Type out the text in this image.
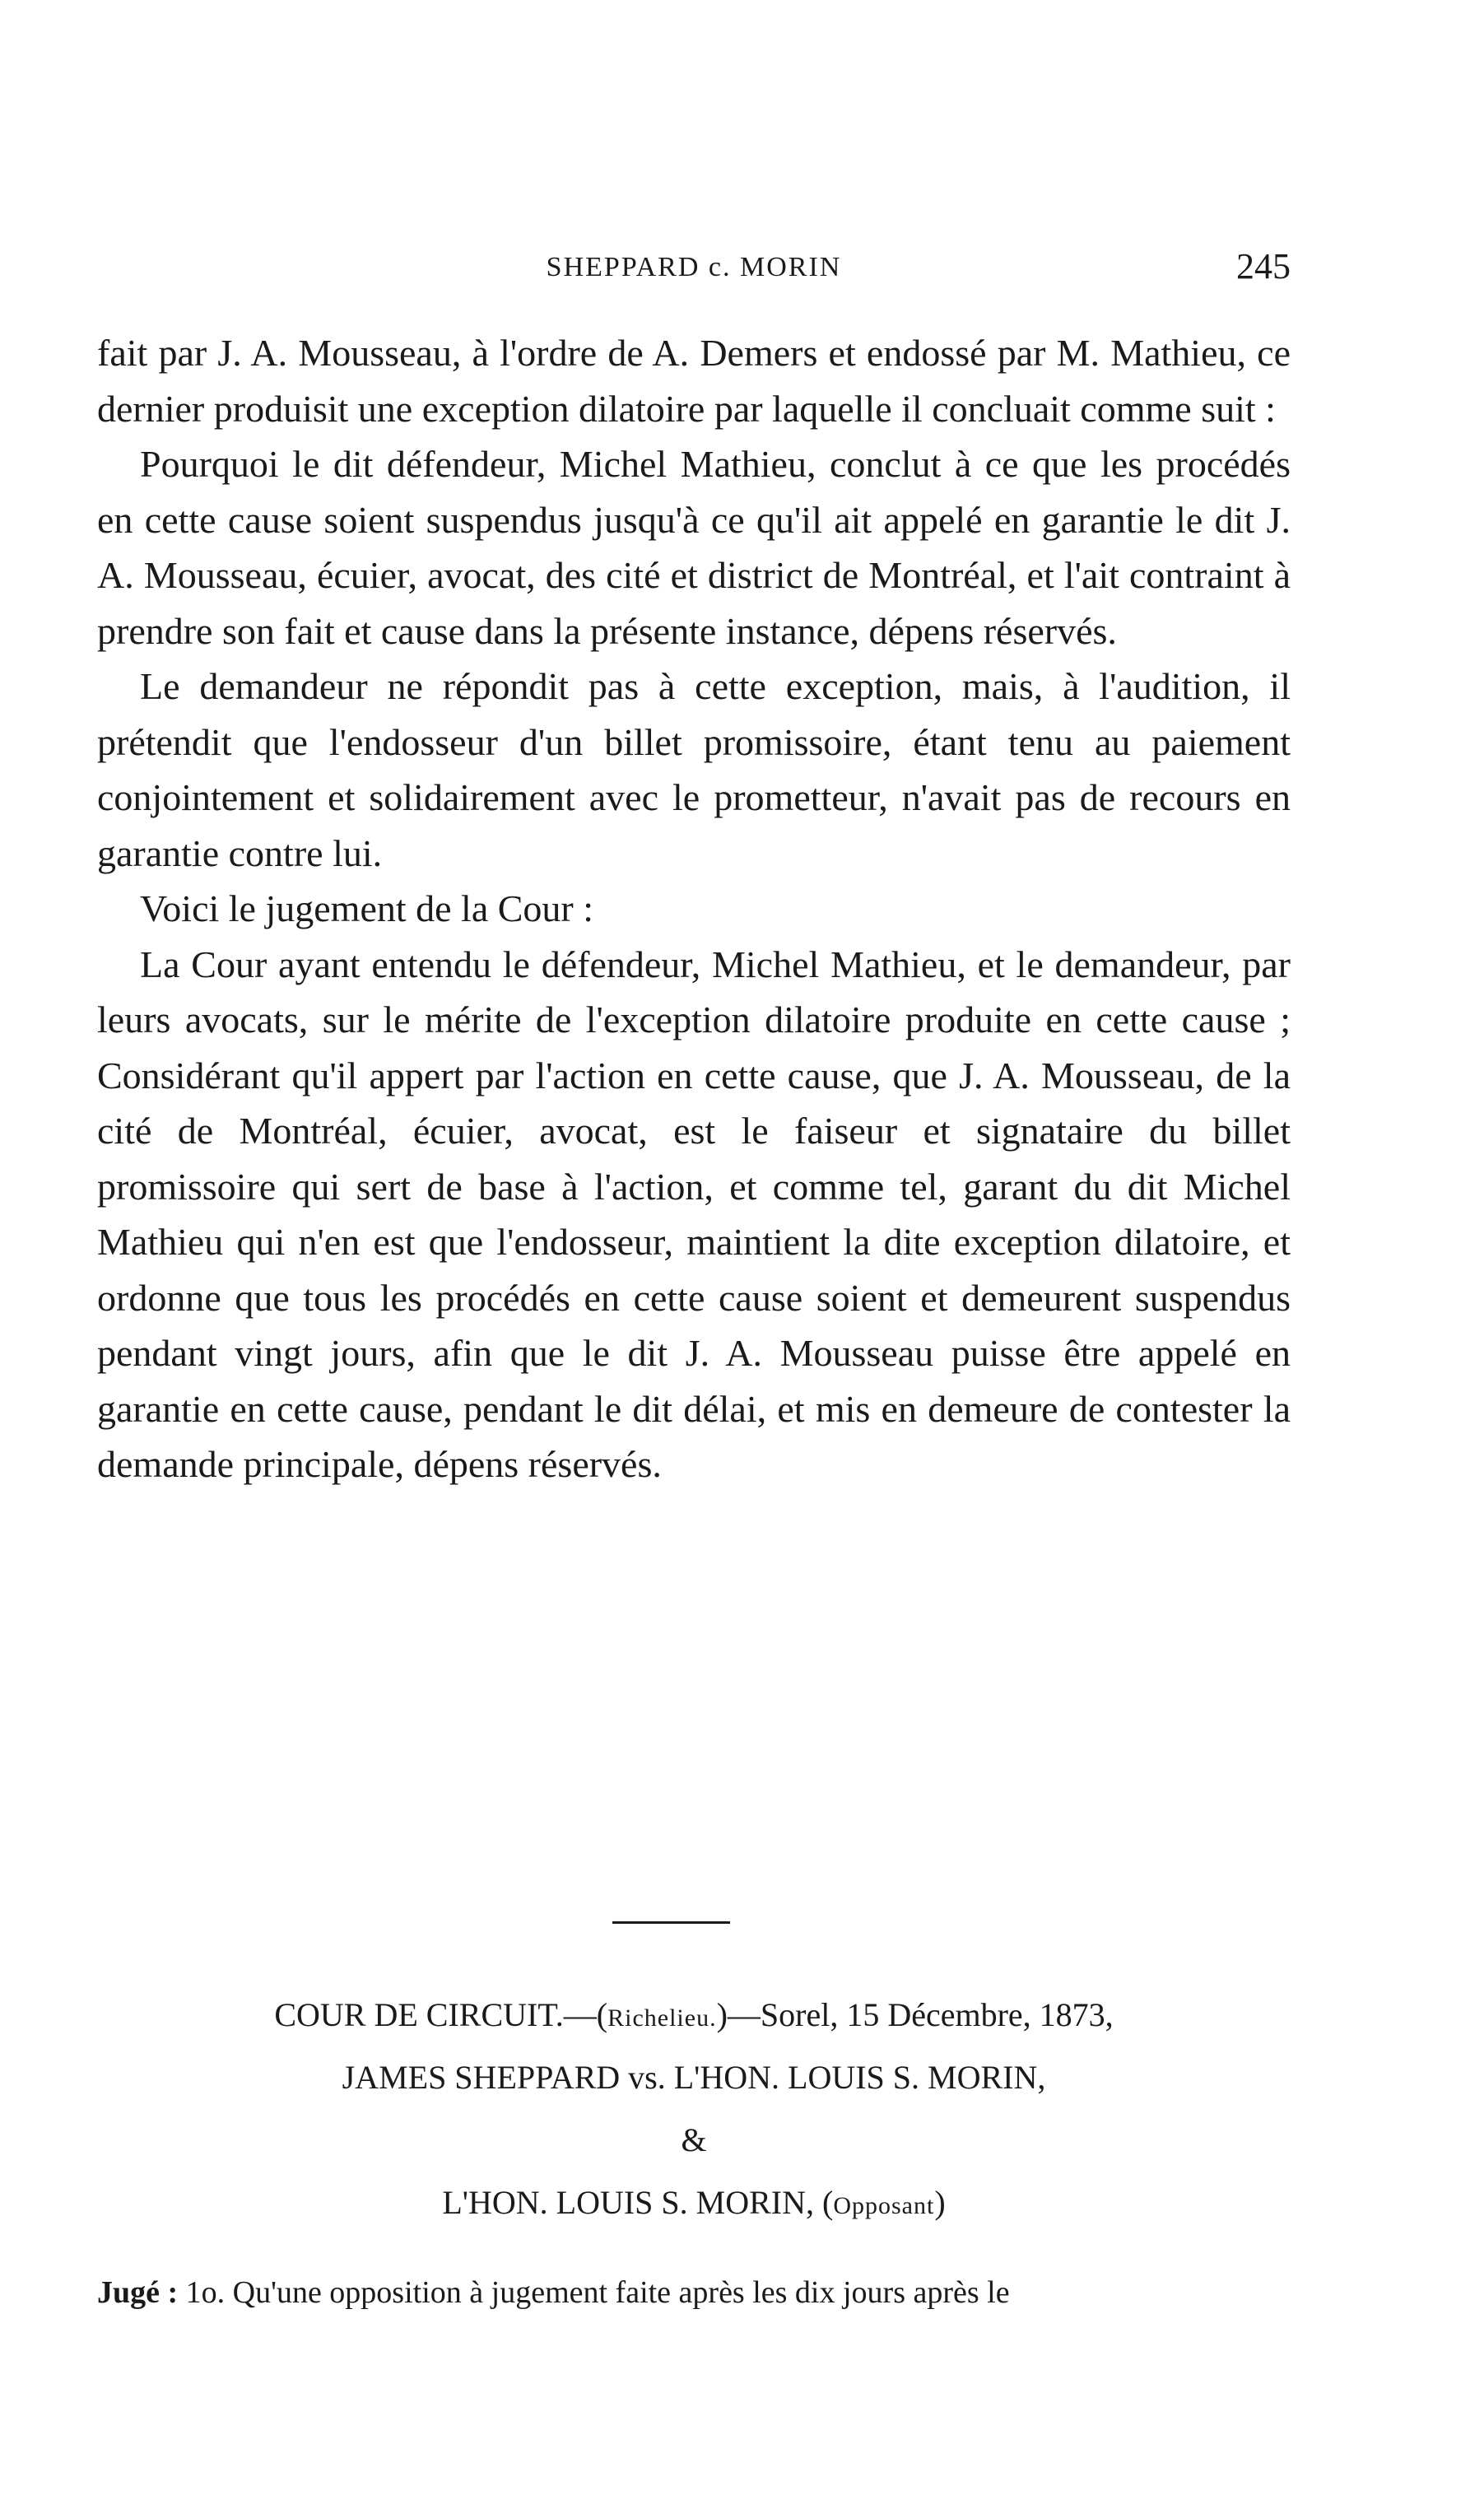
SHEPPARD c. MORIN	245

fait par J. A. Mousseau, à l'ordre de A. Demers et endossé par M. Mathieu, ce dernier produisit une exception dilatoire par laquelle il concluait comme suit :

Pourquoi le dit défendeur, Michel Mathieu, conclut à ce que les procédés en cette cause soient suspendus jusqu'à ce qu'il ait appelé en garantie le dit J. A. Mousseau, écuier, avocat, des cité et district de Montréal, et l'ait contraint à prendre son fait et cause dans la présente instance, dépens réservés.

Le demandeur ne répondit pas à cette exception, mais, à l'audition, il prétendit que l'endosseur d'un billet promissoire, étant tenu au paiement conjointement et solidairement avec le prometteur, n'avait pas de recours en garantie contre lui.

Voici le jugement de la Cour :

La Cour ayant entendu le défendeur, Michel Mathieu, et le demandeur, par leurs avocats, sur le mérite de l'exception dilatoire produite en cette cause ; Considérant qu'il appert par l'action en cette cause, que J. A. Mousseau, de la cité de Montréal, écuier, avocat, est le faiseur et signataire du billet promissoire qui sert de base à l'action, et comme tel, garant du dit Michel Mathieu qui n'en est que l'endosseur, maintient la dite exception dilatoire, et ordonne que tous les procédés en cette cause soient et demeurent suspendus pendant vingt jours, afin que le dit J. A. Mousseau puisse être appelé en garantie en cette cause, pendant le dit délai, et mis en demeure de contester la demande principale, dépens réservés.

COUR DE CIRCUIT.—(Richelieu.)—Sorel, 15 Décembre, 1873,
JAMES SHEPPARD vs. L'HON. LOUIS S. MORIN,
&
L'HON. LOUIS S. MORIN, (Opposant)
Jugé : 1o. Qu'une opposition à jugement faite après les dix jours après le
